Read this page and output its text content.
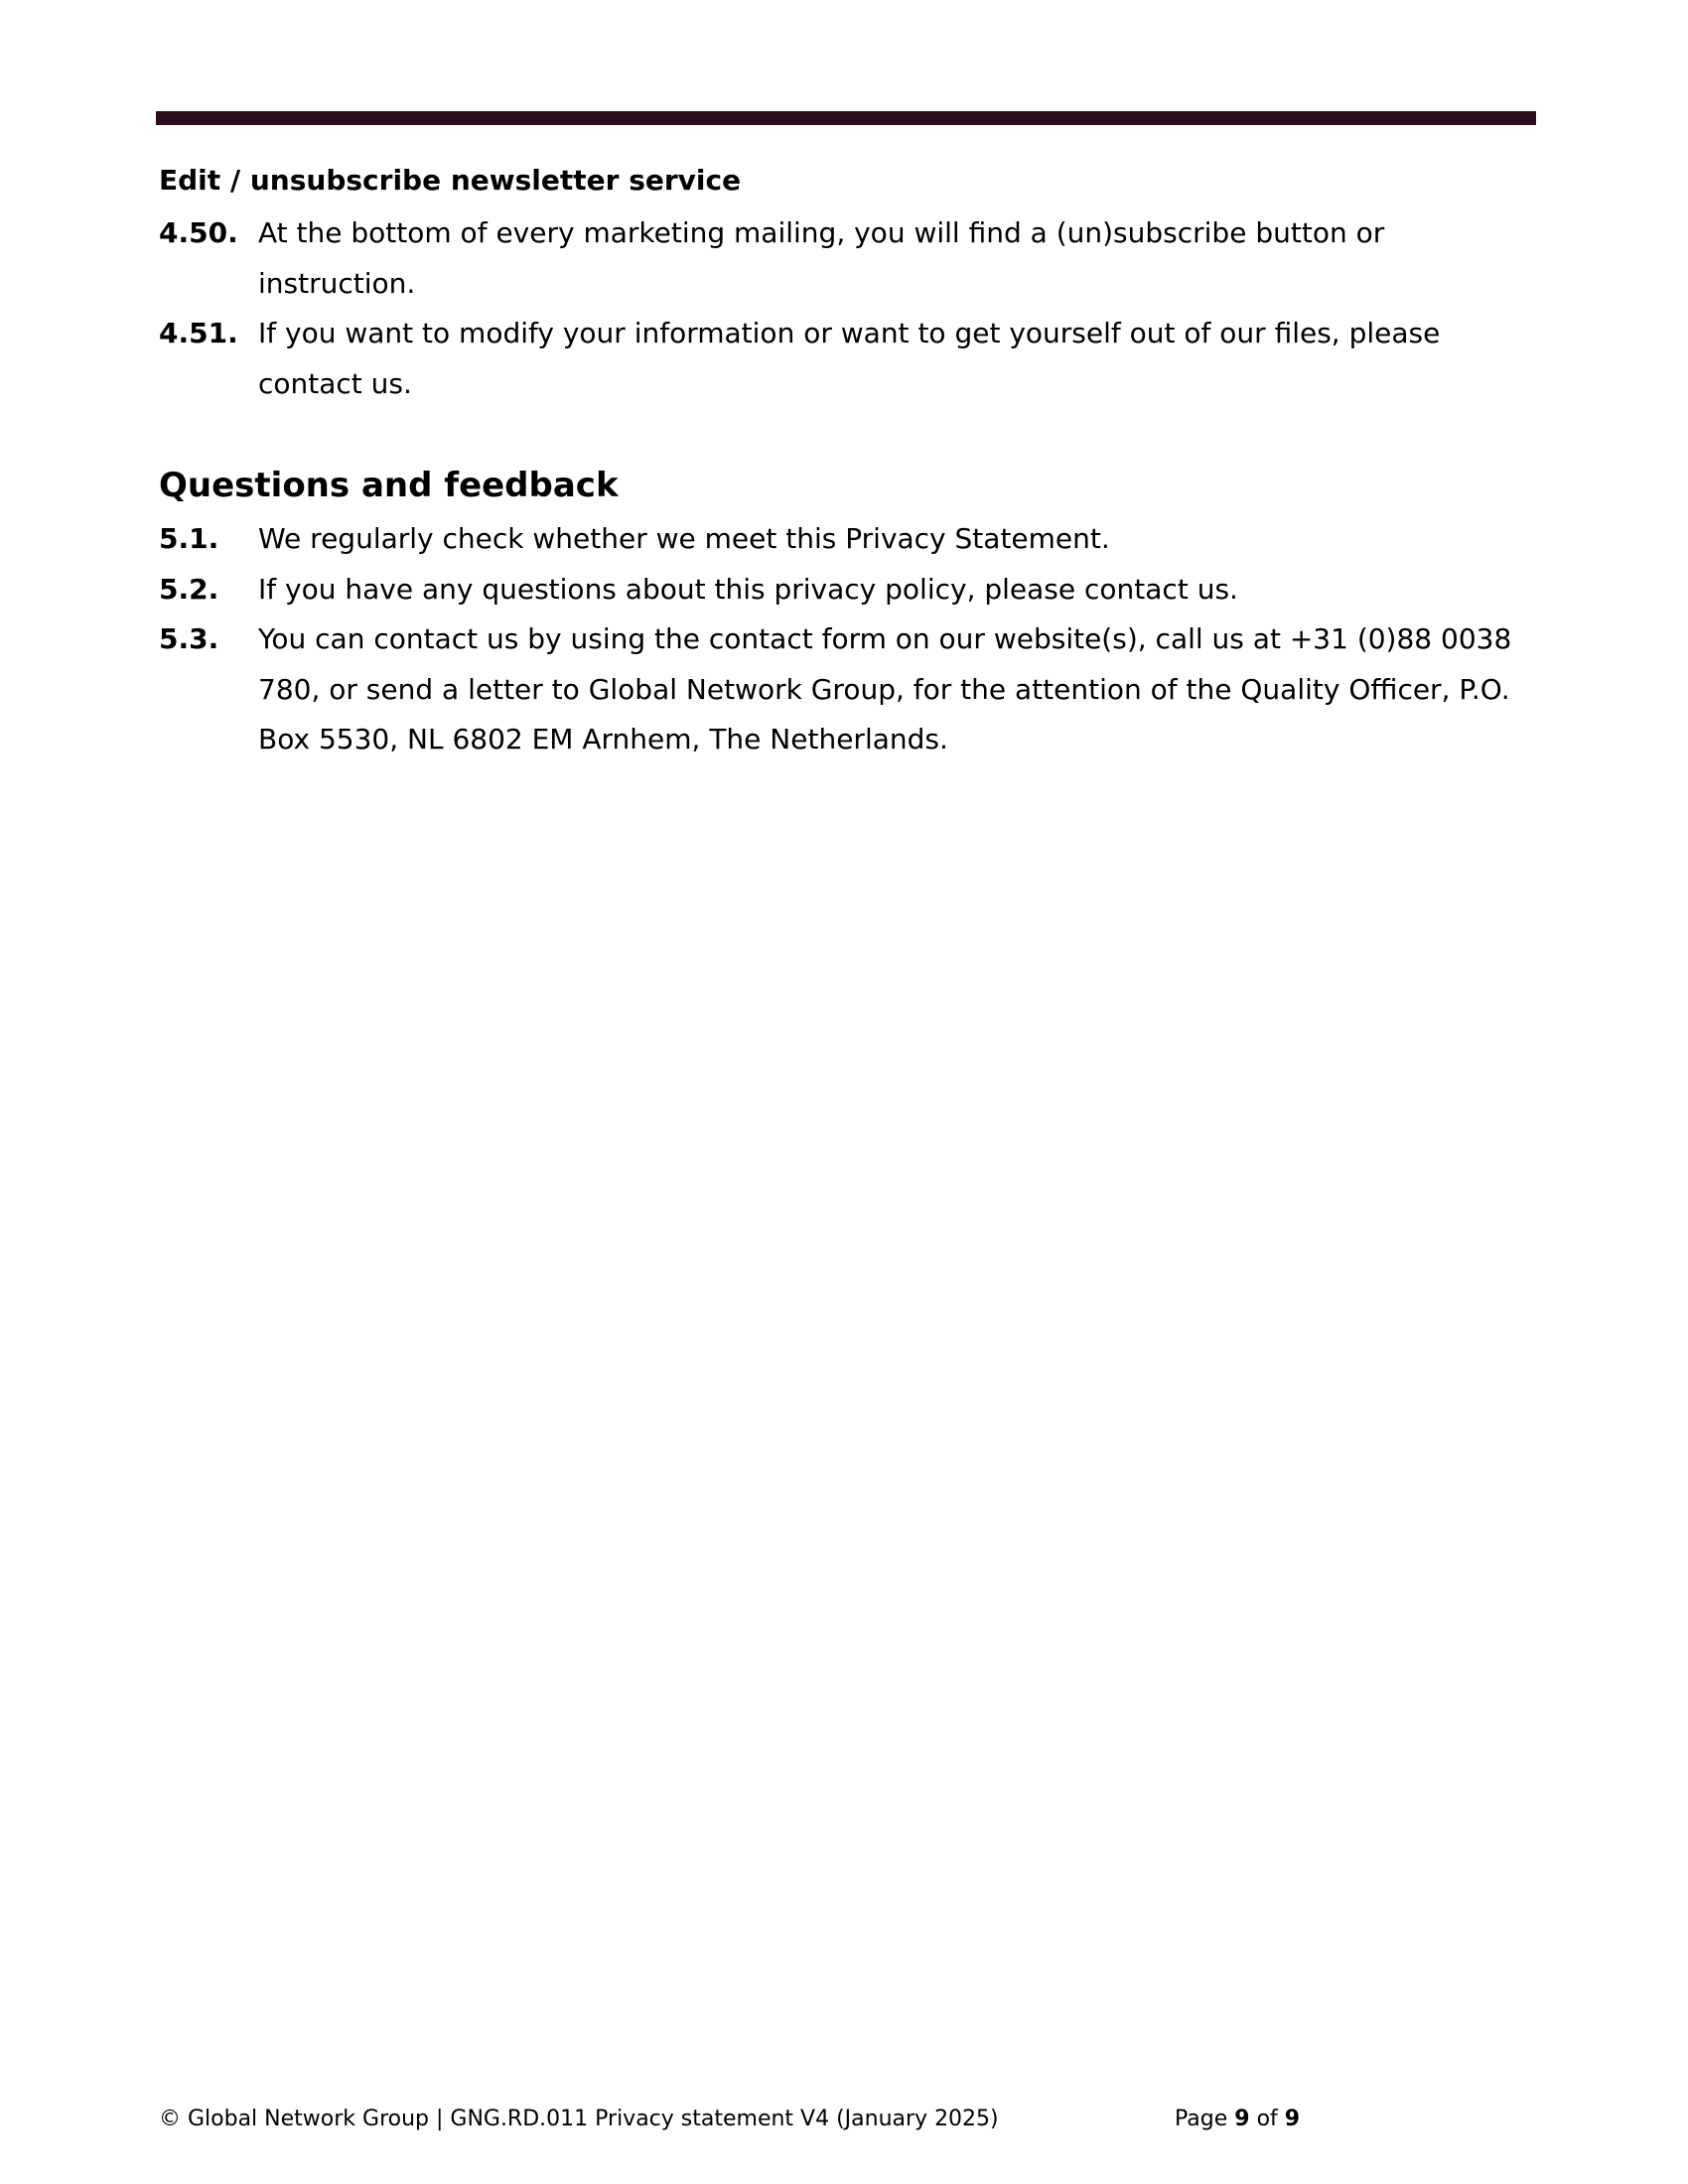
Edit / unsubscribe newsletter service
4.50. At the bottom of every marketing mailing, you will find a (un)subscribe button or instruction.
4.51. If you want to modify your information or want to get yourself out of our files, please contact us.
Questions and feedback
5.1.	We regularly check whether we meet this Privacy Statement.
5.2.	If you have any questions about this privacy policy, please contact us.
5.3.	You can contact us by using the contact form on our website(s), call us at +31 (0)88 0038 780, or send a letter to Global Network Group, for the attention of the Quality Officer, P.O. Box 5530, NL 6802 EM Arnhem, The Netherlands.
© Global Network Group | GNG.RD.011 Privacy statement V4 (January 2025)	Page 9 of 9
